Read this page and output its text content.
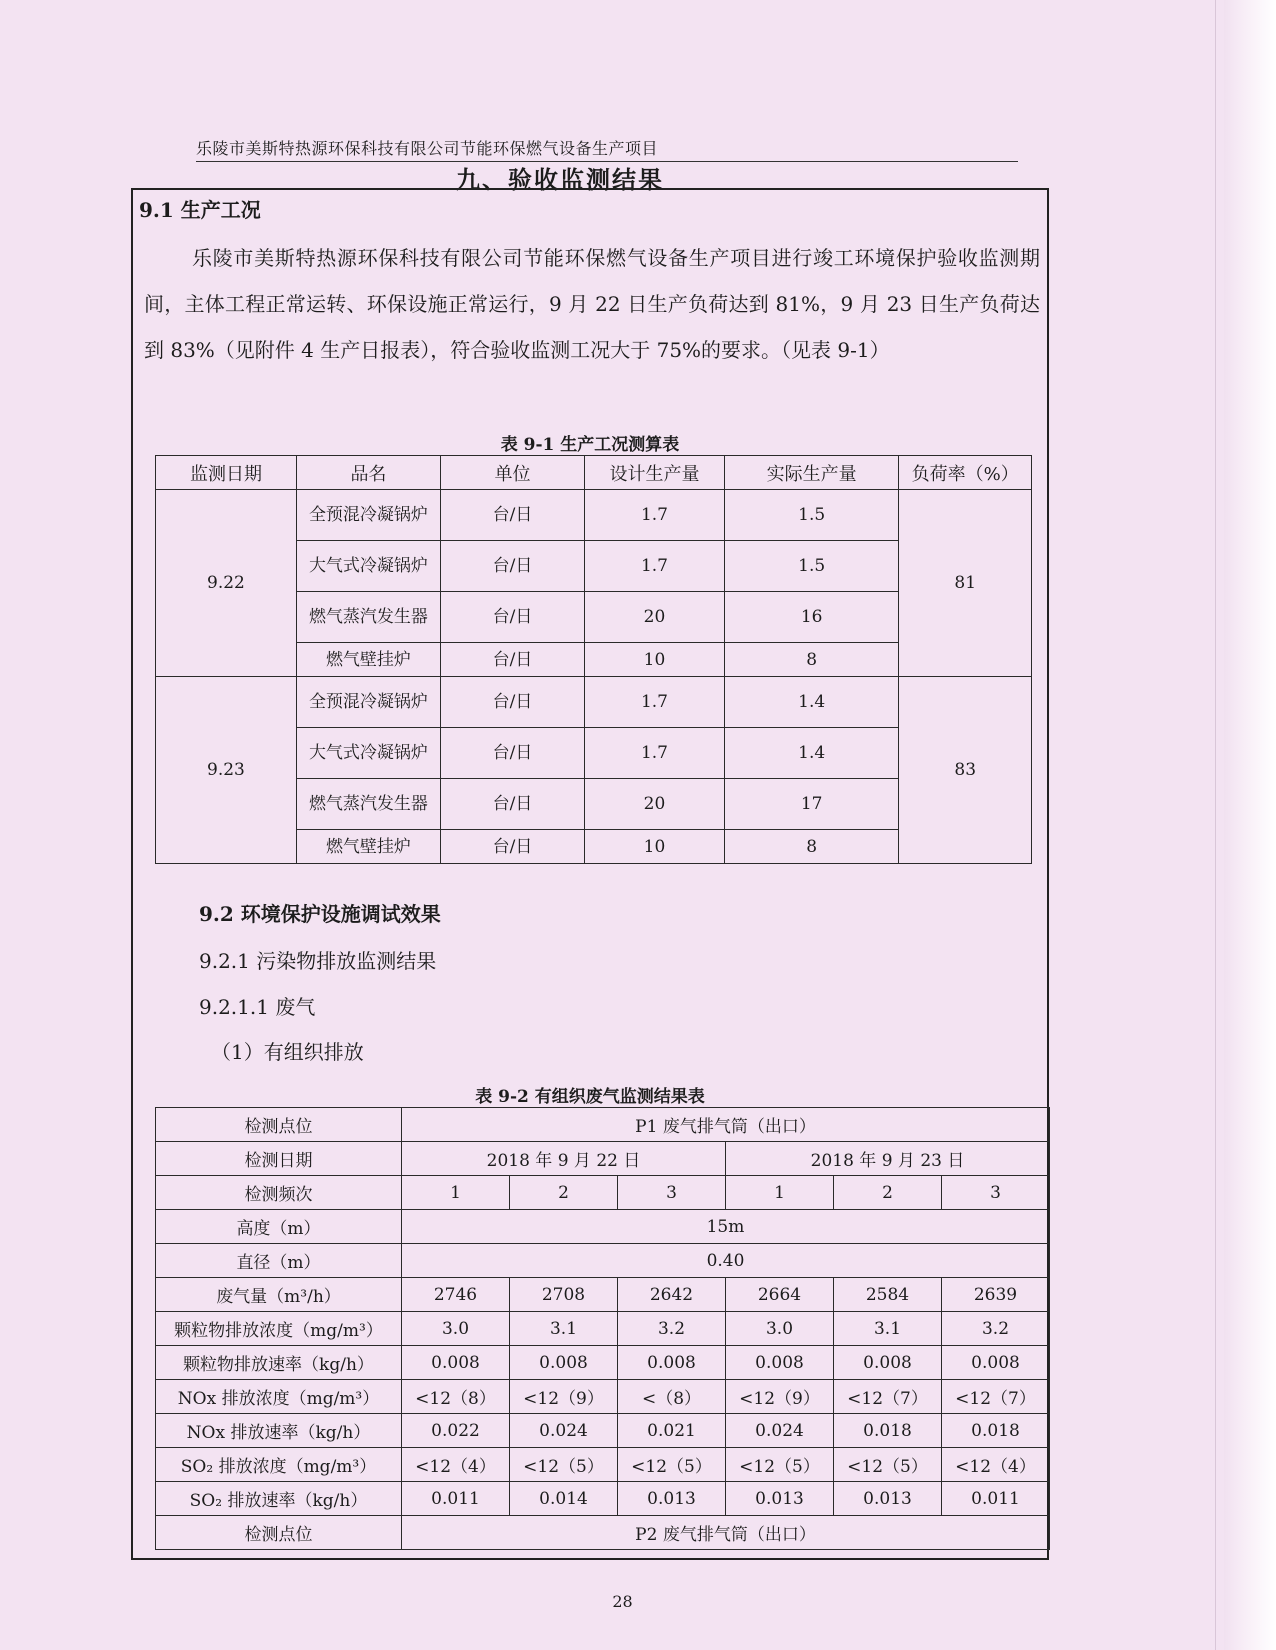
乐陵市美斯特热源环保科技有限公司节能环保燃气设备生产项目
九、验收监测结果
9.1 生产工况
乐陵市美斯特热源环保科技有限公司节能环保燃气设备生产项目进行竣工环境保护验收监测期间，主体工程正常运转、环保设施正常运行，9 月 22 日生产负荷达到 81%，9 月 23 日生产负荷达到 83%（见附件 4 生产日报表），符合验收监测工况大于 75%的要求。（见表 9-1）
表 9-1 生产工况测算表
监测日期	品名	单位	设计生产量	实际生产量	负荷率（%）
9.22	全预混冷凝锅炉	台/日	1.7	1.5	81
	大气式冷凝锅炉	台/日	1.7	1.5	
	燃气蒸汽发生器	台/日	20	16	
	燃气壁挂炉	台/日	10	8	
9.23	全预混冷凝锅炉	台/日	1.7	1.4	83
	大气式冷凝锅炉	台/日	1.7	1.4	
	燃气蒸汽发生器	台/日	20	17	
	燃气壁挂炉	台/日	10	8	
9.2 环境保护设施调试效果
9.2.1 污染物排放监测结果
9.2.1.1 废气
（1）有组织排放
表 9-2 有组织废气监测结果表
检测点位	P1 废气排气筒（出口）					
检测日期	2018 年 9 月 22 日			2018 年 9 月 23 日		
检测频次	1	2	3	1	2	3
高度（m）	15m					
直径（m）	0.40					
废气量（m³/h）	2746	2708	2642	2664	2584	2639
颗粒物排放浓度（mg/m³）	3.0	3.1	3.2	3.0	3.1	3.2
颗粒物排放速率（kg/h）	0.008	0.008	0.008	0.008	0.008	0.008
NOx 排放浓度（mg/m³）	<12（8）	<12（9）	<（8）	<12（9）	<12（7）	<12（7）
NOx 排放速率（kg/h）	0.022	0.024	0.021	0.024	0.018	0.018
SO₂ 排放浓度（mg/m³）	<12（4）	<12（5）	<12（5）	<12（5）	<12（5）	<12（4）
SO₂ 排放速率（kg/h）	0.011	0.014	0.013	0.013	0.013	0.011
检测点位	P2 废气排气筒（出口）					
28
